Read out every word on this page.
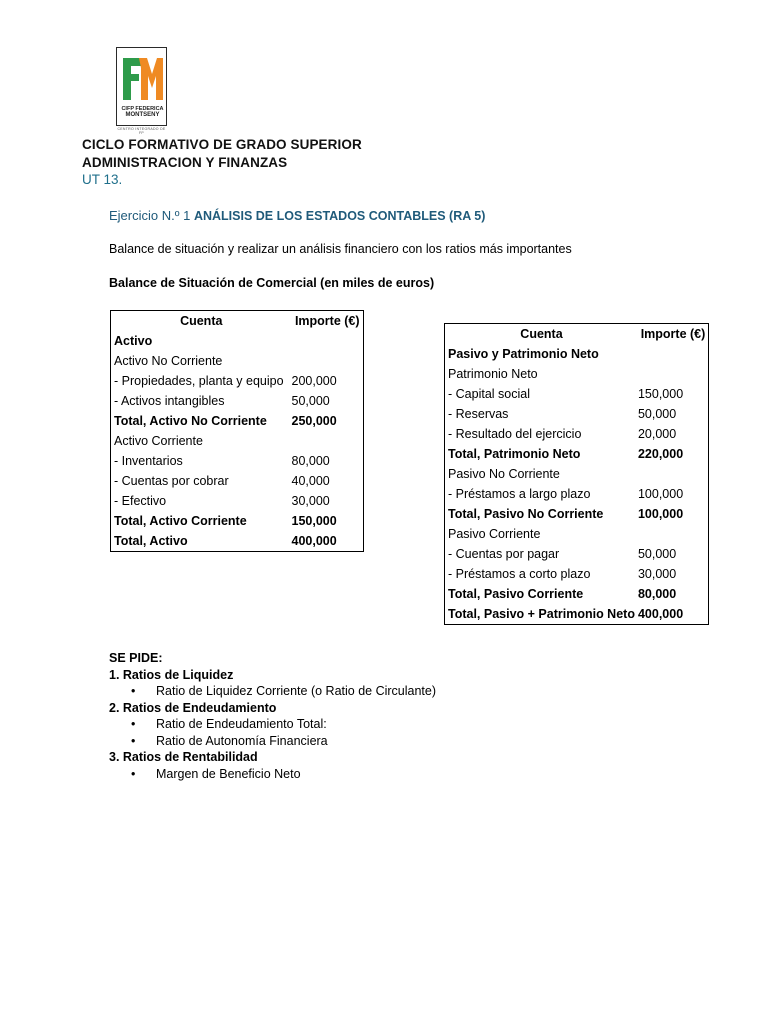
CIFP FEDERICA
MONTSENY
CENTRO INTEGRADO DE FP
CICLO FORMATIVO DE GRADO SUPERIOR
ADMINISTRACION Y FINANZAS
UT 13.
Ejercicio N.º 1 ANÁLISIS DE LOS ESTADOS CONTABLES (RA 5)
Balance de situación y realizar un análisis financiero con los ratios más importantes
Balance de Situación de Comercial (en miles de euros)
Cuenta	Importe (€)
Activo	
Activo No Corriente	
- Propiedades, planta y equipo	200,000
- Activos intangibles	50,000
Total, Activo No Corriente	250,000
Activo Corriente	
- Inventarios	80,000
- Cuentas por cobrar	40,000
- Efectivo	30,000
Total, Activo Corriente	150,000
Total, Activo	400,000
Cuenta	Importe (€)
Pasivo y Patrimonio Neto	
Patrimonio Neto	
- Capital social	150,000
- Reservas	50,000
- Resultado del ejercicio	20,000
Total, Patrimonio Neto	220,000
Pasivo No Corriente	
- Préstamos a largo plazo	100,000
Total, Pasivo No Corriente	100,000
Pasivo Corriente	
- Cuentas por pagar	50,000
- Préstamos a corto plazo	30,000
Total, Pasivo Corriente	80,000
Total, Pasivo + Patrimonio Neto	400,000
SE PIDE:
1. Ratios de Liquidez
• Ratio de Liquidez Corriente (o Ratio de Circulante)
2. Ratios de Endeudamiento
• Ratio de Endeudamiento Total:
• Ratio de Autonomía Financiera
3. Ratios de Rentabilidad
• Margen de Beneficio Neto
